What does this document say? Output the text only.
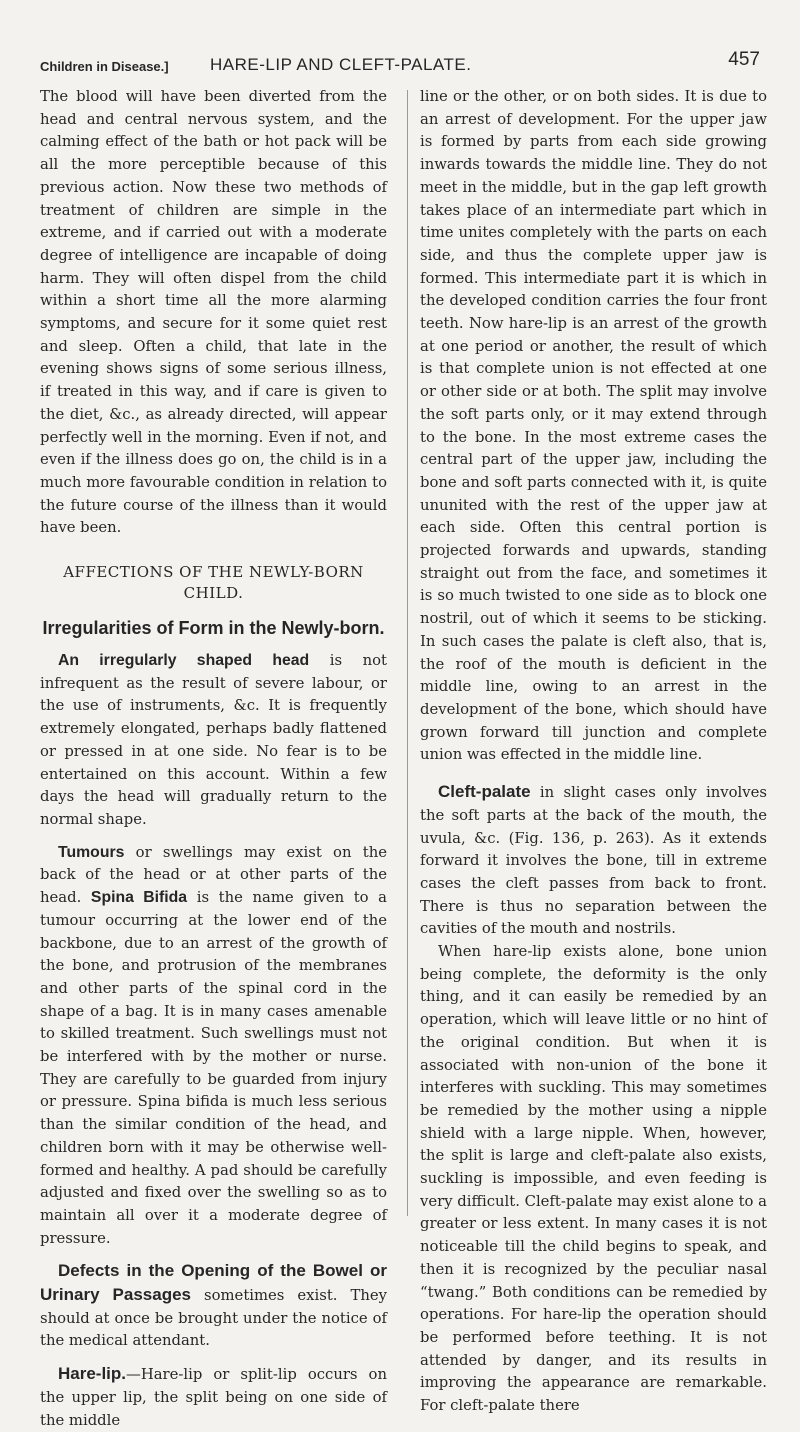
Children in Disease.] HARE-LIP AND CLEFT-PALATE.	457

The blood will have been diverted from the head and central nervous system, and the calming effect of the bath or hot pack will be all the more perceptible because of this previous action. Now these two methods of treatment of children are simple in the extreme, and if carried out with a moderate degree of intelligence are incapable of doing harm. They will often dispel from the child within a short time all the more alarming symptoms, and secure for it some quiet rest and sleep. Often a child, that late in the evening shows signs of some serious illness, if treated in this way, and if care is given to the diet, &c., as already directed, will appear perfectly well in the morning. Even if not, and even if the illness does go on, the child is in a much more favourable condition in relation to the future course of the illness than it would have been.

AFFECTIONS OF THE NEWLY-BORN CHILD.
Irregularities of Form in the Newly-born.

An irregularly shaped head is not infrequent as the result of severe labour, or the use of instruments, &c. It is frequently extremely elongated, perhaps badly flattened or pressed in at one side. No fear is to be entertained on this account. Within a few days the head will gradually return to the normal shape.

Tumours or swellings may exist on the back of the head or at other parts of the head. Spina Bifida is the name given to a tumour occurring at the lower end of the backbone, due to an arrest of the growth of the bone, and protrusion of the membranes and other parts of the spinal cord in the shape of a bag. It is in many cases amenable to skilled treatment. Such swellings must not be interfered with by the mother or nurse. They are carefully to be guarded from injury or pressure. Spina bifida is much less serious than the similar condition of the head, and children born with it may be otherwise well-formed and healthy. A pad should be carefully adjusted and fixed over the swelling so as to maintain all over it a moderate degree of pressure.

Defects in the Opening of the Bowel or Urinary Passages sometimes exist. They should at once be brought under the notice of the medical attendant.

Hare-lip.—Hare-lip or split-lip occurs on the upper lip, the split being on one side of the middle

line or the other, or on both sides. It is due to an arrest of development. For the upper jaw is formed by parts from each side growing inwards towards the middle line. They do not meet in the middle, but in the gap left growth takes place of an intermediate part which in time unites completely with the parts on each side, and thus the complete upper jaw is formed. This intermediate part it is which in the developed condition carries the four front teeth. Now hare-lip is an arrest of the growth at one period or another, the result of which is that complete union is not effected at one or other side or at both. The split may involve the soft parts only, or it may extend through to the bone. In the most extreme cases the central part of the upper jaw, including the bone and soft parts connected with it, is quite ununited with the rest of the upper jaw at each side. Often this central portion is projected forwards and upwards, standing straight out from the face, and sometimes it is so much twisted to one side as to block one nostril, out of which it seems to be sticking. In such cases the palate is cleft also, that is, the roof of the mouth is deficient in the middle line, owing to an arrest in the development of the bone, which should have grown forward till junction and complete union was effected in the middle line.

Cleft-palate in slight cases only involves the soft parts at the back of the mouth, the uvula, &c. (Fig. 136, p. 263). As it extends forward it involves the bone, till in extreme cases the cleft passes from back to front. There is thus no separation between the cavities of the mouth and nostrils.

When hare-lip exists alone, bone union being complete, the deformity is the only thing, and it can easily be remedied by an operation, which will leave little or no hint of the original condition. But when it is associated with non-union of the bone it interferes with suckling. This may sometimes be remedied by the mother using a nipple shield with a large nipple. When, however, the split is large and cleft-palate also exists, suckling is impossible, and even feeding is very difficult. Cleft-palate may exist alone to a greater or less extent. In many cases it is not noticeable till the child begins to speak, and then it is recognized by the peculiar nasal “twang.” Both conditions can be remedied by operations. For hare-lip the operation should be performed before teething. It is not attended by danger, and its results in improving the appearance are remarkable. For cleft-palate there
